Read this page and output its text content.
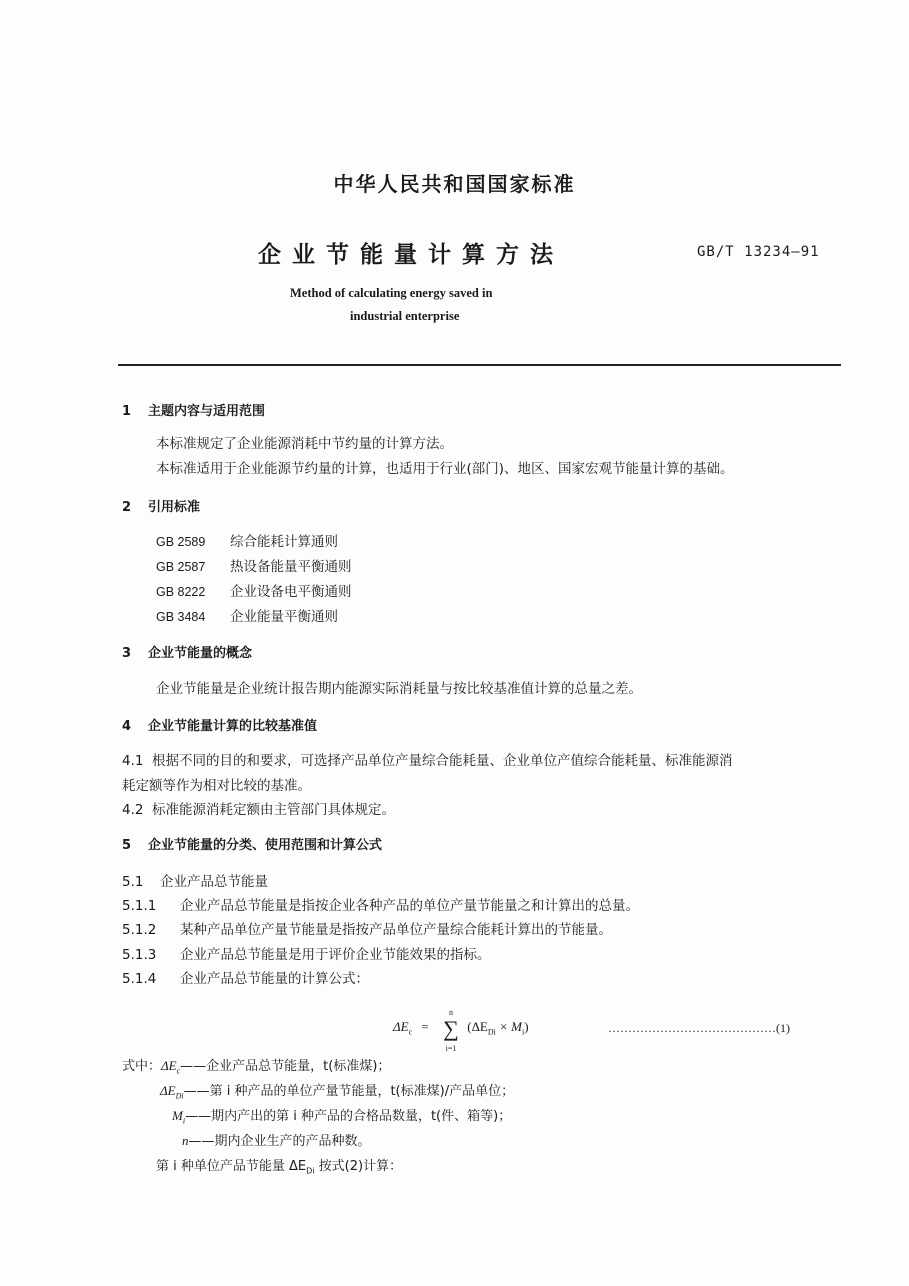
中华人民共和国国家标准
企业节能量计算方法	GB/T 13234—91
Method of calculating energy saved in
industrial enterprise
1 主题内容与适用范围
本标准规定了企业能源消耗中节约量的计算方法。
本标准适用于企业能源节约量的计算，也适用于行业(部门)、地区、国家宏观节能量计算的基础。
2 引用标准
GB 2589 综合能耗计算通则
GB 2587 热设备能量平衡通则
GB 8222 企业设备电平衡通则
GB 3484 企业能量平衡通则
3 企业节能量的概念
企业节能量是企业统计报告期内能源实际消耗量与按比较基准值计算的总量之差。
4 企业节能量计算的比较基准值
4.1 根据不同的目的和要求，可选择产品单位产量综合能耗量、企业单位产值综合能耗量、标准能源消
耗定额等作为相对比较的基准。
4.2 标准能源消耗定额由主管部门具体规定。
5 企业节能量的分类、使用范围和计算公式
5.1 企业产品总节能量
5.1.1 企业产品总节能量是指按企业各种产品的单位产量节能量之和计算出的总量。
5.1.2 某种产品单位产量节能量是指按产品单位产量综合能耗计算出的节能量。
5.1.3 企业产品总节能量是用于评价企业节能效果的指标。
5.1.4 企业产品总节能量的计算公式：
$\Delta E_c$ = ∑
n
i=1
$(\Delta E_{Di} \times M_i)$	……………………………………(1)
式中：$\Delta E_c——$企业产品总节能量，t(标准煤)；
$\Delta E_{Di}——$第 i 种产品的单位产量节能量，t(标准煤)/产品单位；
$M_i——$期内产出的第 i 种产品的合格品数量，t(件、箱等)；
n——期内企业生产的产品种数。
第 i 种单位产品节能量 $\Delta E_{Di}$ 按式(2)计算：
